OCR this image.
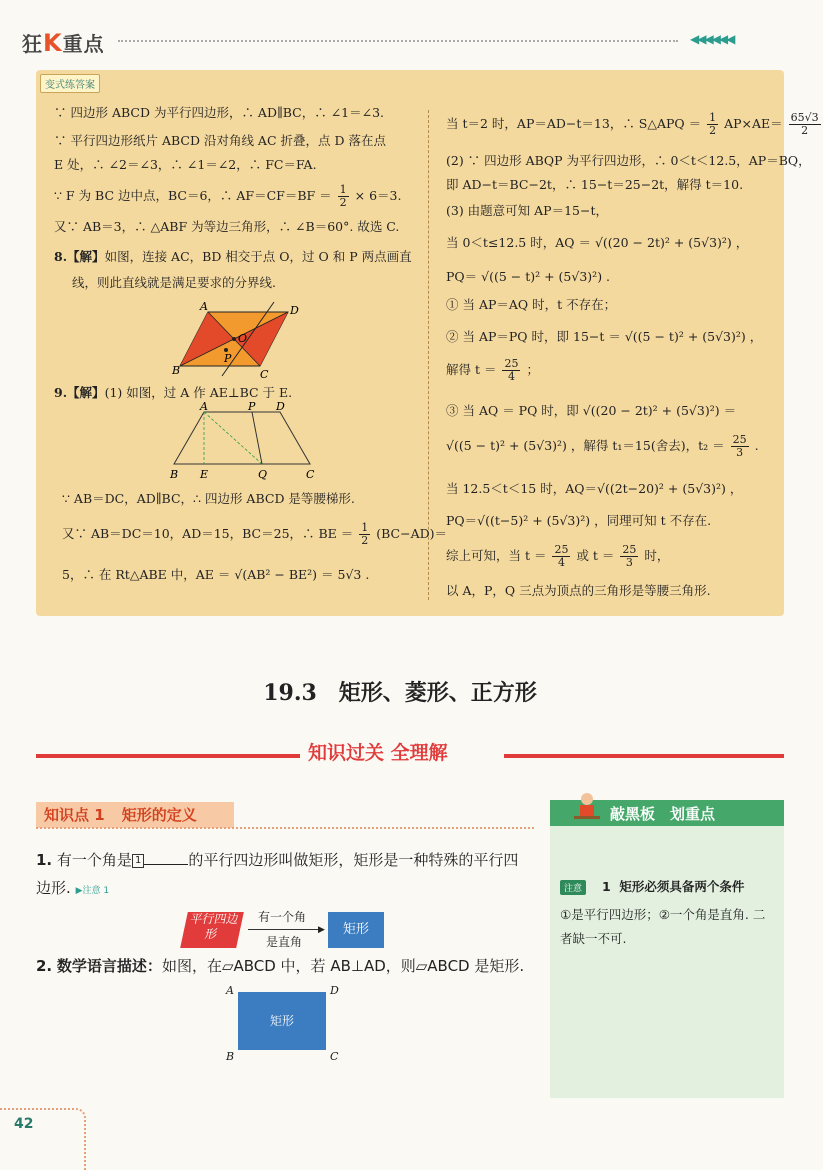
狂K重点	◀◀◀◀◀◀
变式练答案
∵ 四边形 ABCD 为平行四边形，∴ AD∥BC，∴ ∠1＝∠3.
∵ 平行四边形纸片 ABCD 沿对角线 AC 折叠，点 D 落在点
E 处，∴ ∠2＝∠3，∴ ∠1＝∠2，∴ FC＝FA.
∵ F 为 BC 边中点，BC＝6，∴ $AF=CF=BF = \frac{1}{2} \times 6=3$.
又∵ AB＝3，∴ △ABF 为等边三角形，∴ ∠B＝60°. 故选 C.
8.【解】如图，连接 AC，BD 相交于点 O，过 O 和 P 两点画直
线，则此直线就是满足要求的分界线.
A	D
B	C
O
P
9.【解】(1) 如图，过 A 作 AE⊥BC 于 E.
A	P D
B E	Q	C
∵ AB＝DC，AD∥BC，∴ 四边形 ABCD 是等腰梯形.
又∵ AB＝DC＝10，AD＝15，BC＝25，∴ BE ＝ $\frac{1}{2} (BC-AD)=$
5，∴ 在 Rt△ABE 中，AE ＝ √(AB² − BE²) ＝ 5√3 .
当 t＝2 时，AP＝AD−t＝13，∴ S△APQ ＝ $\frac{1}{2} AP\times AE= \frac{65√3}{2}$
(2) ∵ 四边形 ABQP 为平行四边形，∴ 0＜t＜12.5，AP＝BQ，
即 AD−t＝BC−2t，∴ 15−t＝25−2t，解得 t＝10.
(3) 由题意可知 AP＝15−t，
当 0＜t≤12.5 时，AQ ＝ √((20 − 2t)² + (5√3)²) ，
PQ＝ √((5 − t)² + (5√3)²) .
① 当 AP＝AQ 时，t 不存在；
② 当 AP＝PQ 时，即 15−t ＝ √((5 − t)² + (5√3)²) ，
解得 $t = \frac{25}{4}$ ；
③ 当 AQ ＝ PQ 时，即 √((20 − 2t)² + (5√3)²) ＝
√((5 − t)² + (5√3)²) ，解得 t₁＝15(舍去)，$t_2 = \frac{25}{3}$ .
当 12.5＜t＜15 时，AQ＝√((2t−20)² + (5√3)²) ，
PQ＝√((t−5)² + (5√3)²) ，同理可知 t 不存在.
综上可知，当 $t = \frac{25}{4}$ 或 $t = \frac{25}{3}$ 时，
以 A，P，Q 三点为顶点的三角形是等腰三角形.
19.3　矩形、菱形、正方形
知识过关 全理解
知识点 1 矩形的定义
1. 有一个角是 1	的平行四边形叫做矩形，矩形是一种特殊的平行四
边形. ▶注意 1
平行四边形
有一个角
▶
是直角
矩形
2. 数学语言描述：如图，在▱ABCD 中，若 AB⊥AD，则▱ABCD 是矩形.
矩形
A	D
B	C
敲黑板　划重点
注意	1 矩形必须具备两个条件
①是平行四边形；②一个角是直角. 二
者缺一不可.
42
